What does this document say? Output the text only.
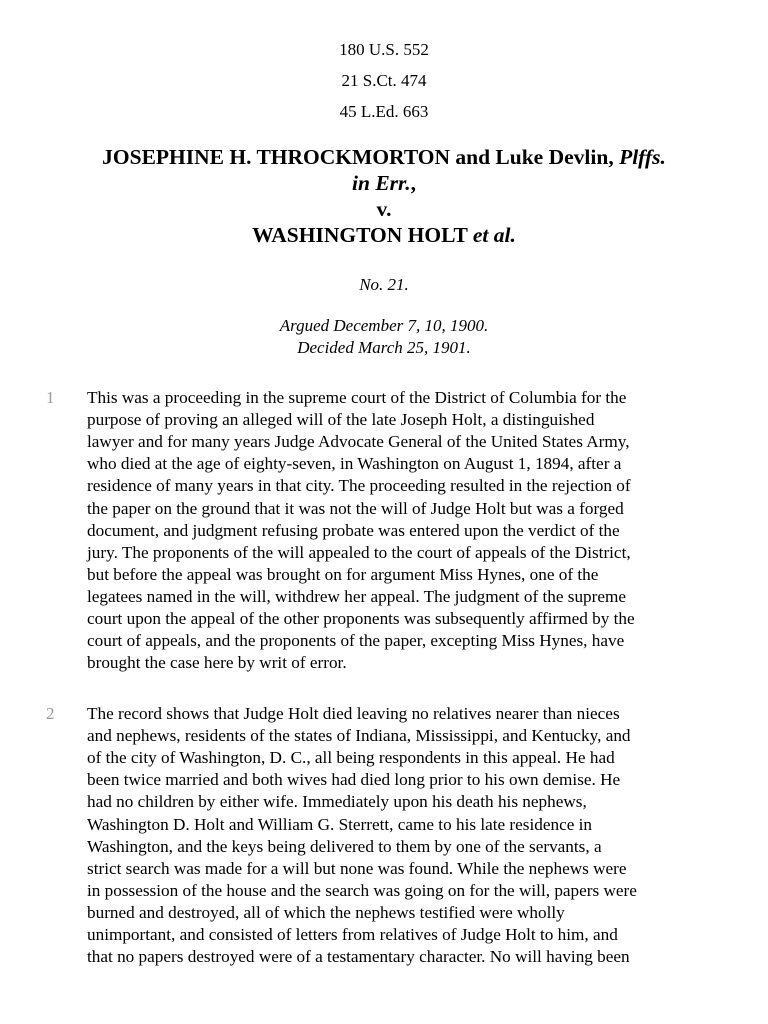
180 U.S. 552
21 S.Ct. 474
45 L.Ed. 663
JOSEPHINE H. THROCKMORTON and Luke Devlin, Plffs.
in Err.,
v.
WASHINGTON HOLT et al.
No. 21.
Argued December 7, 10, 1900.
Decided March 25, 1901.
1 This was a proceeding in the supreme court of the District of Columbia for the
purpose of proving an alleged will of the late Joseph Holt, a distinguished
lawyer and for many years Judge Advocate General of the United States Army,
who died at the age of eighty-seven, in Washington on August 1, 1894, after a
residence of many years in that city. The proceeding resulted in the rejection of
the paper on the ground that it was not the will of Judge Holt but was a forged
document, and judgment refusing probate was entered upon the verdict of the
jury. The proponents of the will appealed to the court of appeals of the District,
but before the appeal was brought on for argument Miss Hynes, one of the
legatees named in the will, withdrew her appeal. The judgment of the supreme
court upon the appeal of the other proponents was subsequently affirmed by the
court of appeals, and the proponents of the paper, excepting Miss Hynes, have
brought the case here by writ of error.
2 The record shows that Judge Holt died leaving no relatives nearer than nieces
and nephews, residents of the states of Indiana, Mississippi, and Kentucky, and
of the city of Washington, D. C., all being respondents in this appeal. He had
been twice married and both wives had died long prior to his own demise. He
had no children by either wife. Immediately upon his death his nephews,
Washington D. Holt and William G. Sterrett, came to his late residence in
Washington, and the keys being delivered to them by one of the servants, a
strict search was made for a will but none was found. While the nephews were
in possession of the house and the search was going on for the will, papers were
burned and destroyed, all of which the nephews testified were wholly
unimportant, and consisted of letters from relatives of Judge Holt to him, and
that no papers destroyed were of a testamentary character. No will having been
